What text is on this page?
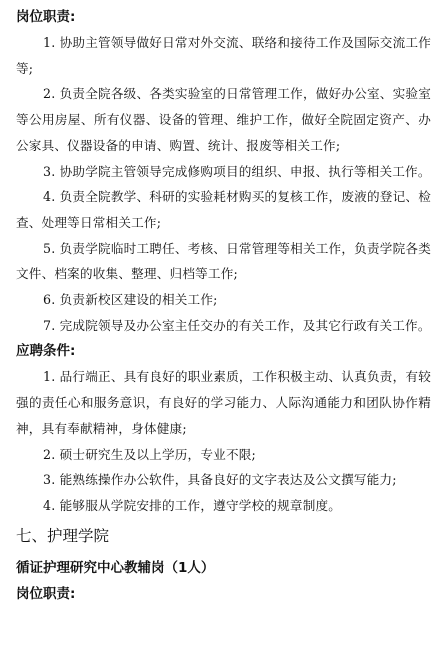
岗位职责:

1. 协助主管领导做好日常对外交流、联络和接待工作及国际交流工作等;

2. 负责全院各级、各类实验室的日常管理工作，做好办公室、实验室等公用房屋、所有仪器、设备的管理、维护工作，做好全院固定资产、办公家具、仪器设备的申请、购置、统计、报废等相关工作;

3. 协助学院主管领导完成修购项目的组织、申报、执行等相关工作。

4. 负责全院教学、科研的实验耗材购买的复核工作，废液的登记、检查、处理等日常相关工作;

5. 负责学院临时工聘任、考核、日常管理等相关工作，负责学院各类文件、档案的收集、整理、归档等工作;

6. 负责新校区建设的相关工作;

7. 完成院领导及办公室主任交办的有关工作，及其它行政有关工作。

应聘条件:

1. 品行端正、具有良好的职业素质，工作积极主动、认真负责，有较强的责任心和服务意识，有良好的学习能力、人际沟通能力和团队协作精神，具有奉献精神，身体健康;

2. 硕士研究生及以上学历，专业不限;

3. 能熟练操作办公软件，具备良好的文字表达及公文撰写能力;

4. 能够服从学院安排的工作，遵守学校的规章制度。

七、护理学院

循证护理研究中心教辅岗（1人）

岗位职责:
